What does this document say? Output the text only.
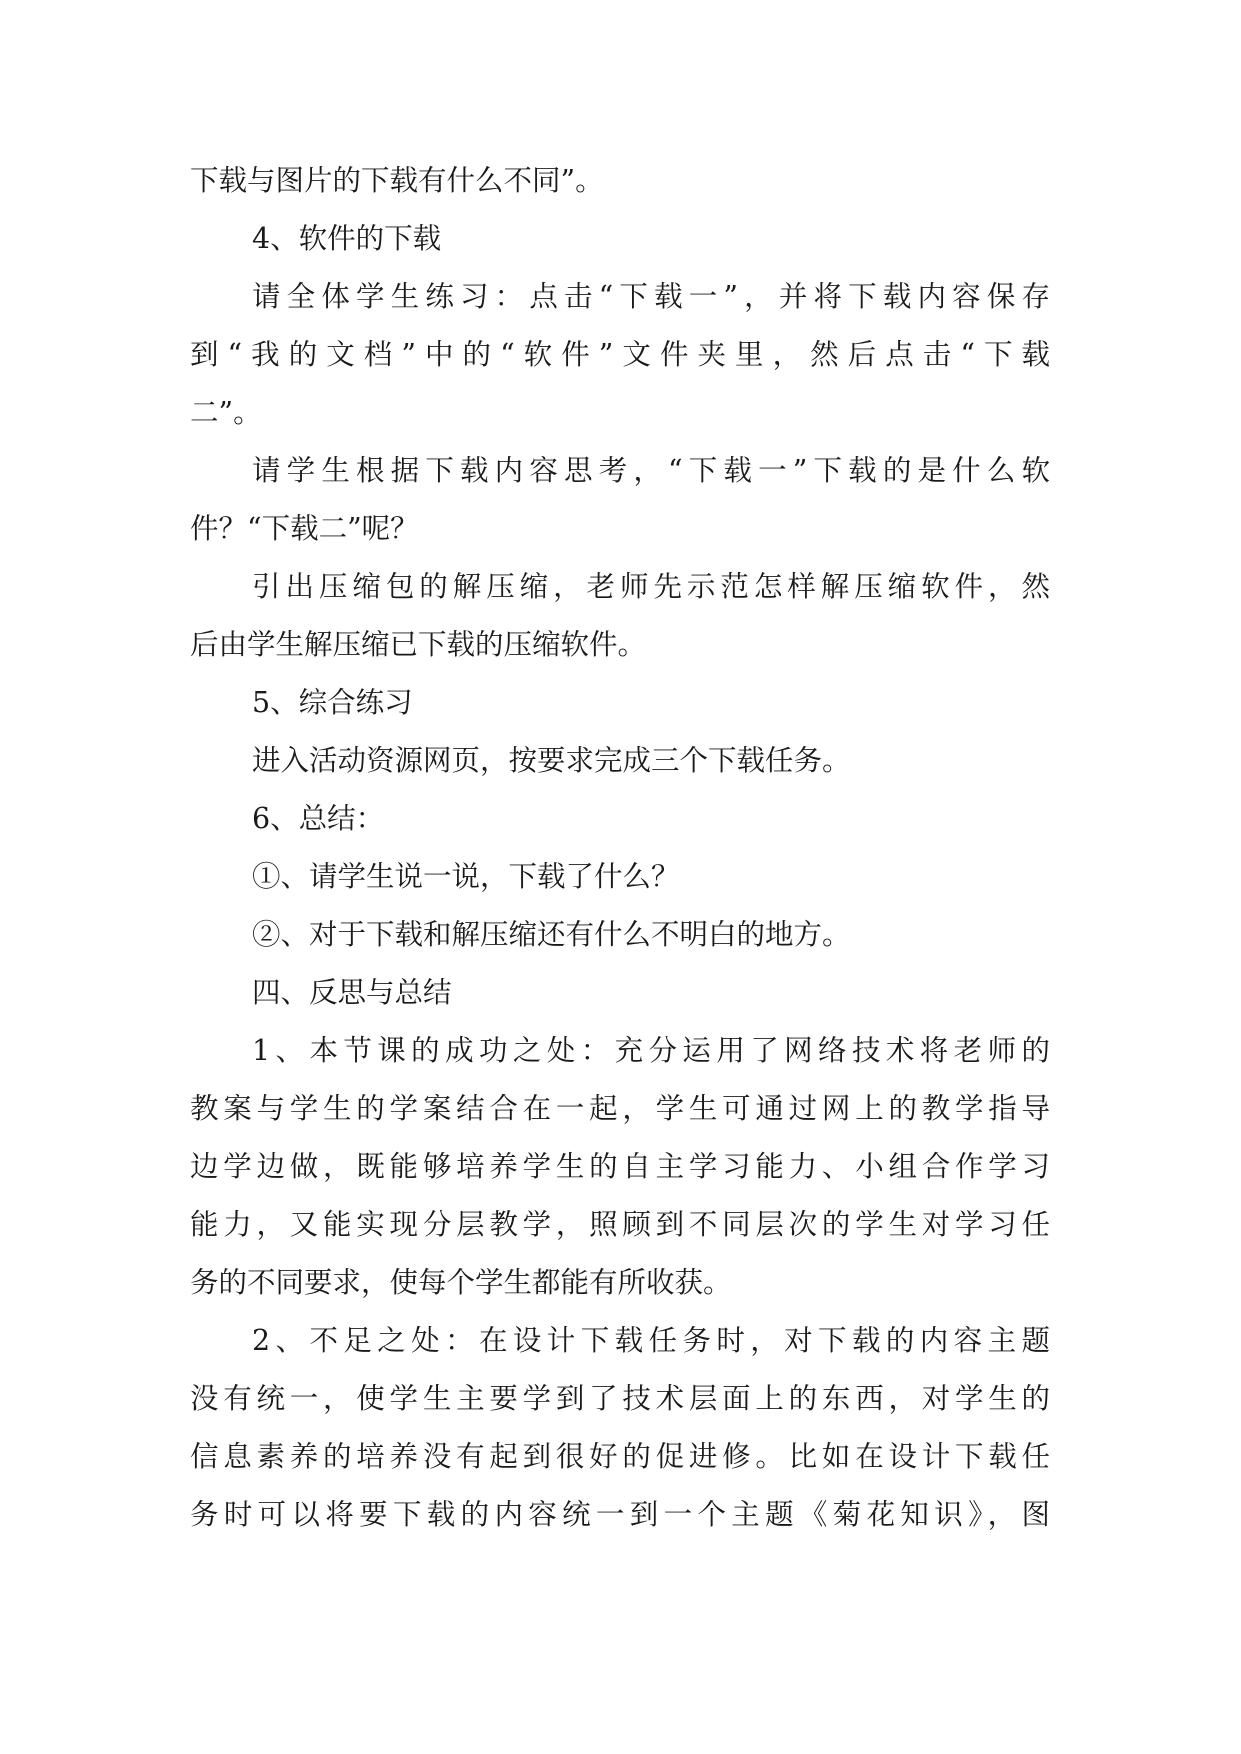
下载与图片的下载有什么不同”。
4、软件的下载
请全体学生练习：点击“下载一”，并将下载内容保存
到“我的文档”中的“软件”文件夹里，然后点击“下载
二”。
请学生根据下载内容思考，“下载一”下载的是什么软
件？“下载二”呢？
引出压缩包的解压缩，老师先示范怎样解压缩软件，然
后由学生解压缩已下载的压缩软件。
5、综合练习
进入活动资源网页，按要求完成三个下载任务。
6、总结：
①、请学生说一说，下载了什么？
②、对于下载和解压缩还有什么不明白的地方。
四、反思与总结
1、本节课的成功之处：充分运用了网络技术将老师的
教案与学生的学案结合在一起，学生可通过网上的教学指导
边学边做，既能够培养学生的自主学习能力、小组合作学习
能力，又能实现分层教学，照顾到不同层次的学生对学习任
务的不同要求，使每个学生都能有所收获。
2、不足之处：在设计下载任务时，对下载的内容主题
没有统一，使学生主要学到了技术层面上的东西，对学生的
信息素养的培养没有起到很好的促进修。比如在设计下载任
务时可以将要下载的内容统一到一个主题《菊花知识》，图
